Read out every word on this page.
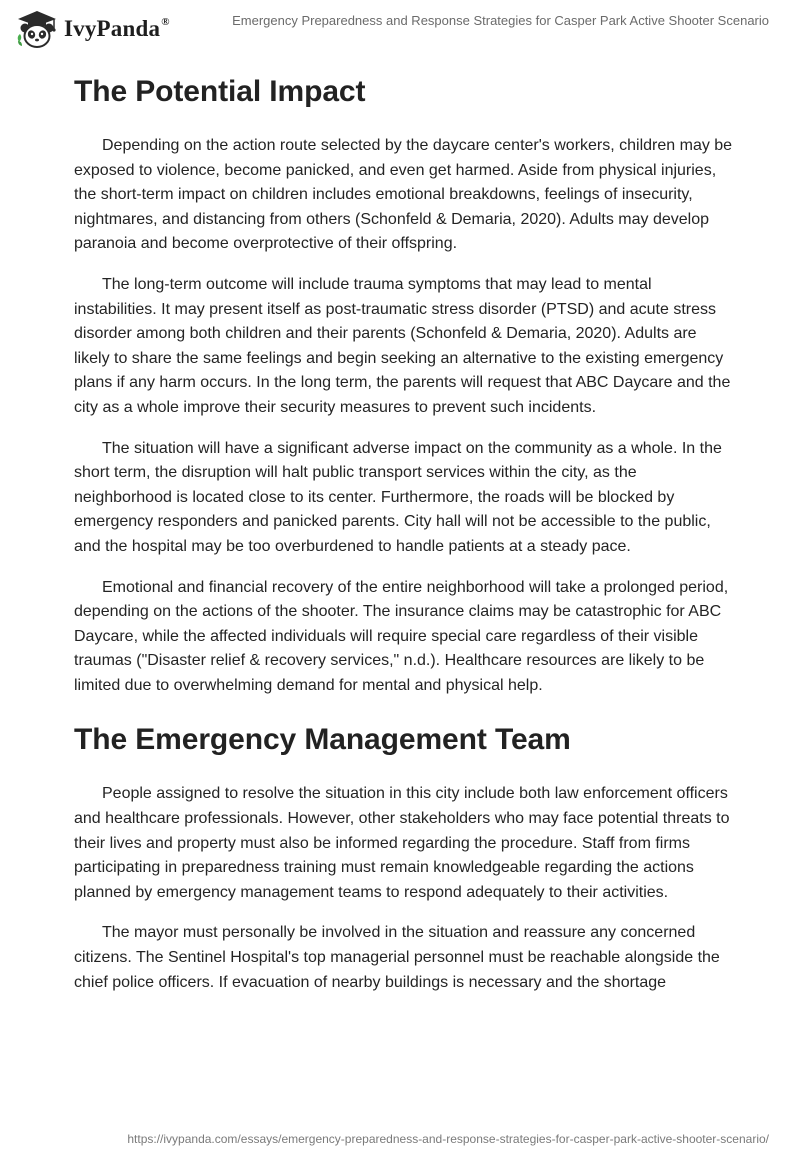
IvyPanda®	Emergency Preparedness and Response Strategies for Casper Park Active Shooter Scenario
The Potential Impact

Depending on the action route selected by the daycare center's workers, children may be exposed to violence, become panicked, and even get harmed. Aside from physical injuries, the short-term impact on children includes emotional breakdowns, feelings of insecurity, nightmares, and distancing from others (Schonfeld & Demaria, 2020). Adults may develop paranoia and become overprotective of their offspring.

The long-term outcome will include trauma symptoms that may lead to mental instabilities. It may present itself as post-traumatic stress disorder (PTSD) and acute stress disorder among both children and their parents (Schonfeld & Demaria, 2020). Adults are likely to share the same feelings and begin seeking an alternative to the existing emergency plans if any harm occurs. In the long term, the parents will request that ABC Daycare and the city as a whole improve their security measures to prevent such incidents.

The situation will have a significant adverse impact on the community as a whole. In the short term, the disruption will halt public transport services within the city, as the neighborhood is located close to its center. Furthermore, the roads will be blocked by emergency responders and panicked parents. City hall will not be accessible to the public, and the hospital may be too overburdened to handle patients at a steady pace.

Emotional and financial recovery of the entire neighborhood will take a prolonged period, depending on the actions of the shooter. The insurance claims may be catastrophic for ABC Daycare, while the affected individuals will require special care regardless of their visible traumas ("Disaster relief & recovery services," n.d.). Healthcare resources are likely to be limited due to overwhelming demand for mental and physical help.

The Emergency Management Team

People assigned to resolve the situation in this city include both law enforcement officers and healthcare professionals. However, other stakeholders who may face potential threats to their lives and property must also be informed regarding the procedure. Staff from firms participating in preparedness training must remain knowledgeable regarding the actions planned by emergency management teams to respond adequately to their activities.

The mayor must personally be involved in the situation and reassure any concerned citizens. The Sentinel Hospital's top managerial personnel must be reachable alongside the chief police officers. If evacuation of nearby buildings is necessary and the shortage

https://ivypanda.com/essays/emergency-preparedness-and-response-strategies-for-casper-park-active-shooter-scenario/
